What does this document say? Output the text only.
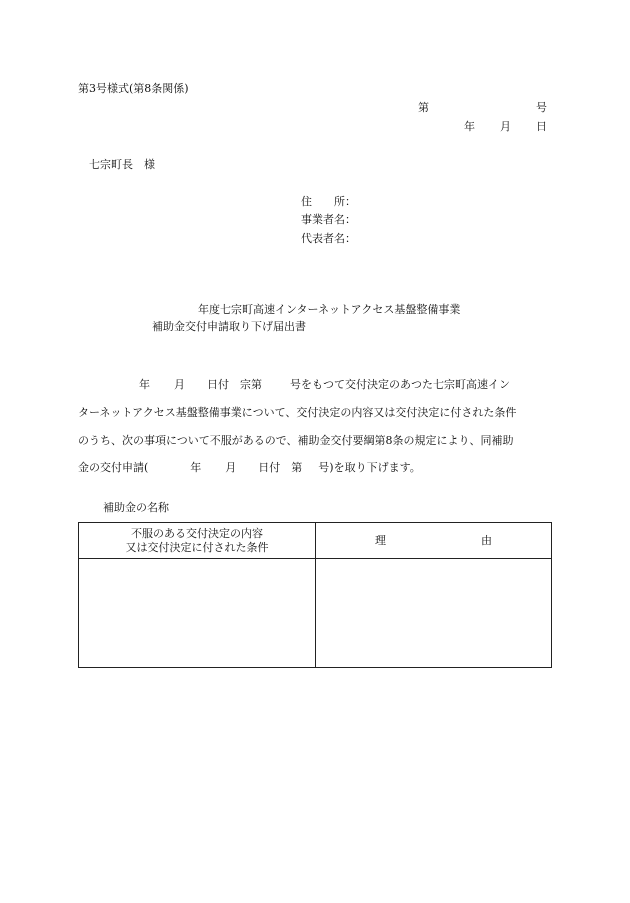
第3号様式(第8条関係)
第	号
年 月 日
七宗町長　様
住　　所：
事業者名：
代表者名：
年度七宗町高速インターネットアクセス基盤整備事業
補助金交付申請取り下げ届出書
年 月 日付　宗第	号をもつて交付決定のあつた七宗町高速イン
ターネットアクセス基盤整備事業について、交付決定の内容又は交付決定に付された条件
のうち、次の事項について不服があるので、補助金交付要綱第8条の規定により、同補助
金の交付申請(	年 月 日付　第 号)を取り下げます。
補助金の名称
不服のある交付決定の内容
又は交付決定に付された条件	理 由
